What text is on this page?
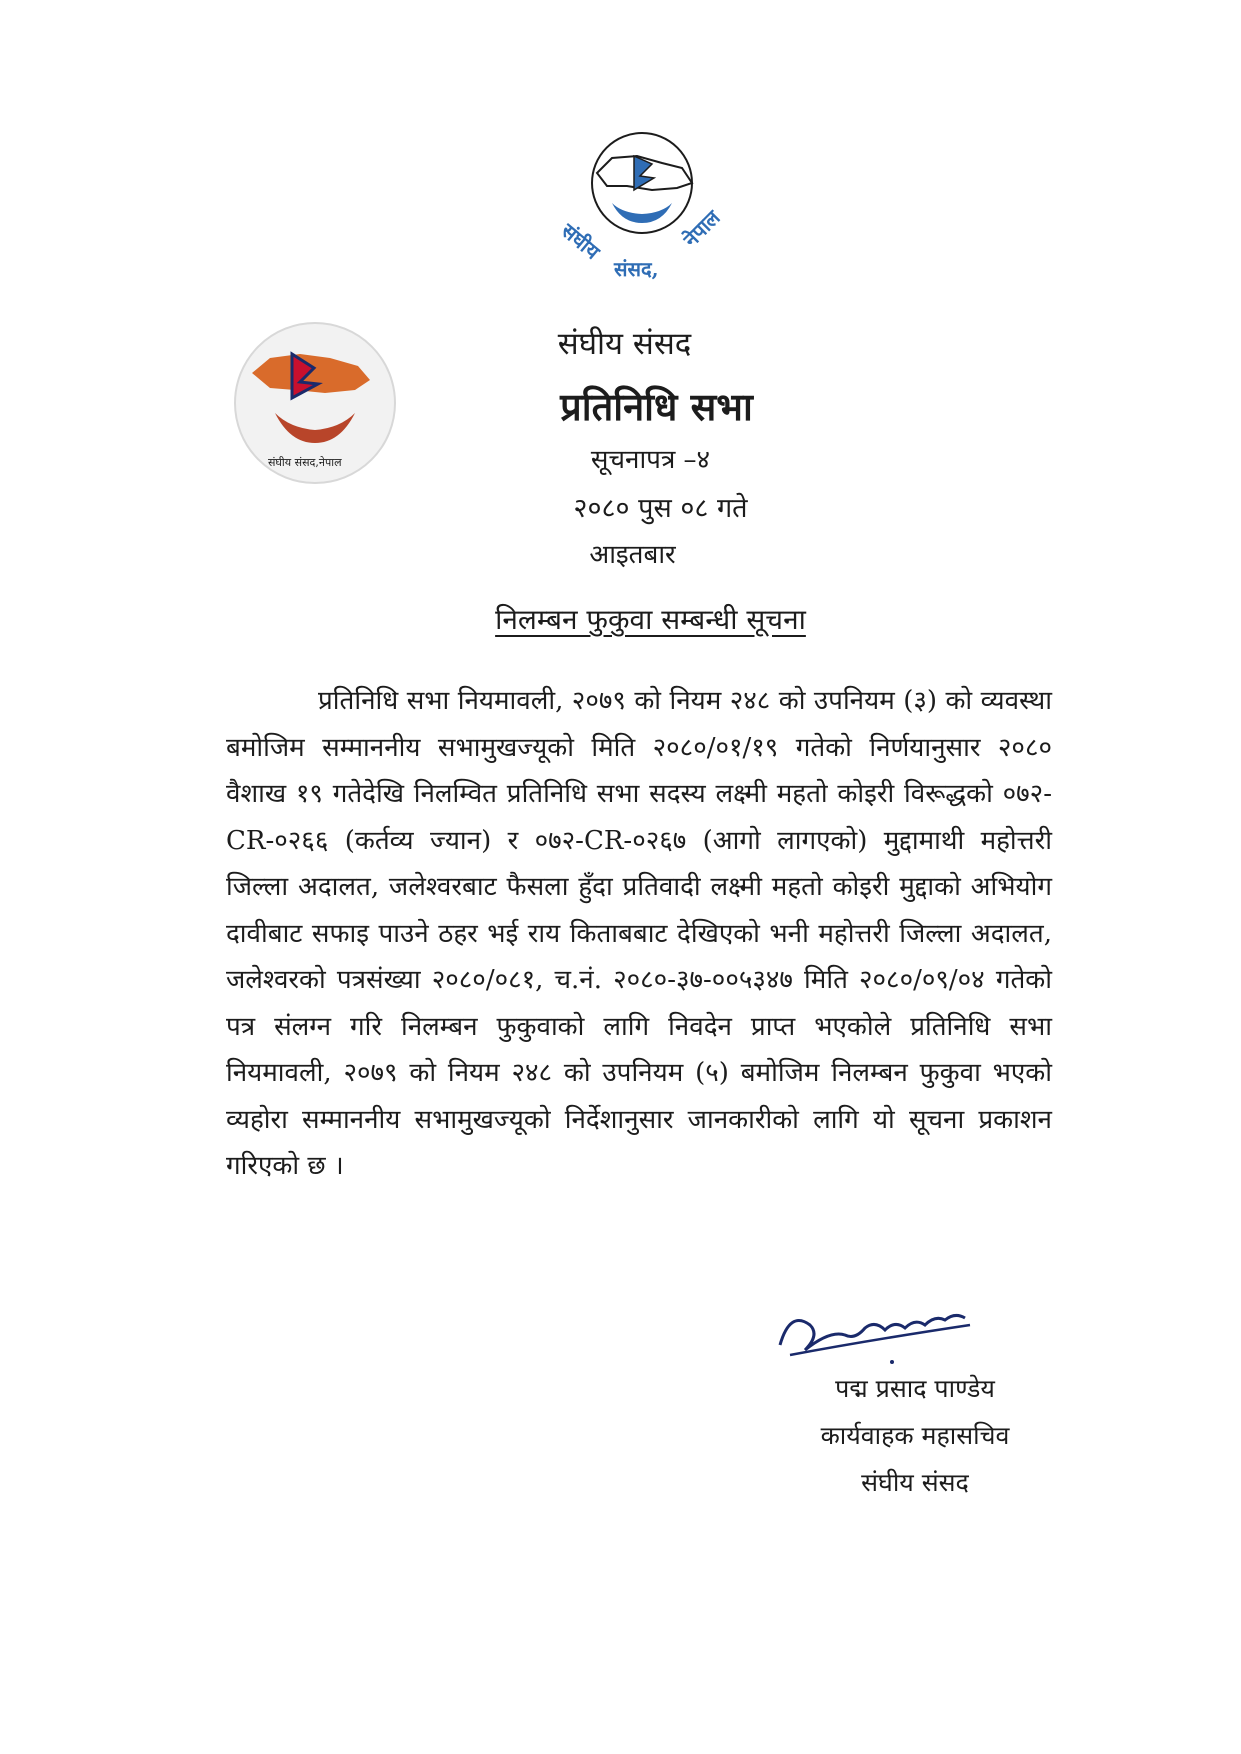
संघीय
संसद,
नेपाल
संघीय संसद,नेपाल
संघीय संसद
प्रतिनिधि सभा
सूचनापत्र –४
२०८० पुस ०८ गते
आइतबार
निलम्बन फुकुवा सम्बन्धी सूचना

प्रतिनिधि सभा नियमावली, २०७९ को नियम २४८ को उपनियम (३) को व्यवस्था बमोजिम सम्माननीय सभामुखज्यूको मिति २०८०/०१/१९ गतेको निर्णयानुसार २०८० वैशाख १९ गतेदेखि निलम्वित प्रतिनिधि सभा सदस्य लक्ष्मी महतो कोइरी विरूद्धको ०७२-CR-०२६६ (कर्तव्य ज्यान) र ०७२-CR-०२६७ (आगो लागएको) मुद्दामाथी महोत्तरी जिल्ला अदालत, जलेश्वरबाट फैसला हुँदा प्रतिवादी लक्ष्मी महतो कोइरी मुद्दाको अभियोग दावीबाट सफाइ पाउने ठहर भई राय किताबबाट देखिएको भनी महोत्तरी जिल्ला अदालत, जलेश्वरको पत्रसंख्या २०८०/०८१, च.नं. २०८०-३७-००५३४७ मिति २०८०/०९/०४ गतेको पत्र संलग्न गरि निलम्बन फुकुवाको लागि निवदेन प्राप्त भएकोले प्रतिनिधि सभा नियमावली, २०७९ को नियम २४८ को उपनियम (५) बमोजिम निलम्बन फुकुवा भएको व्यहोरा सम्माननीय सभामुखज्यूको निर्देशानुसार जानकारीको लागि यो सूचना प्रकाशन गरिएको छ ।

पद्म प्रसाद पाण्डेय
कार्यवाहक महासचिव
संघीय संसद
